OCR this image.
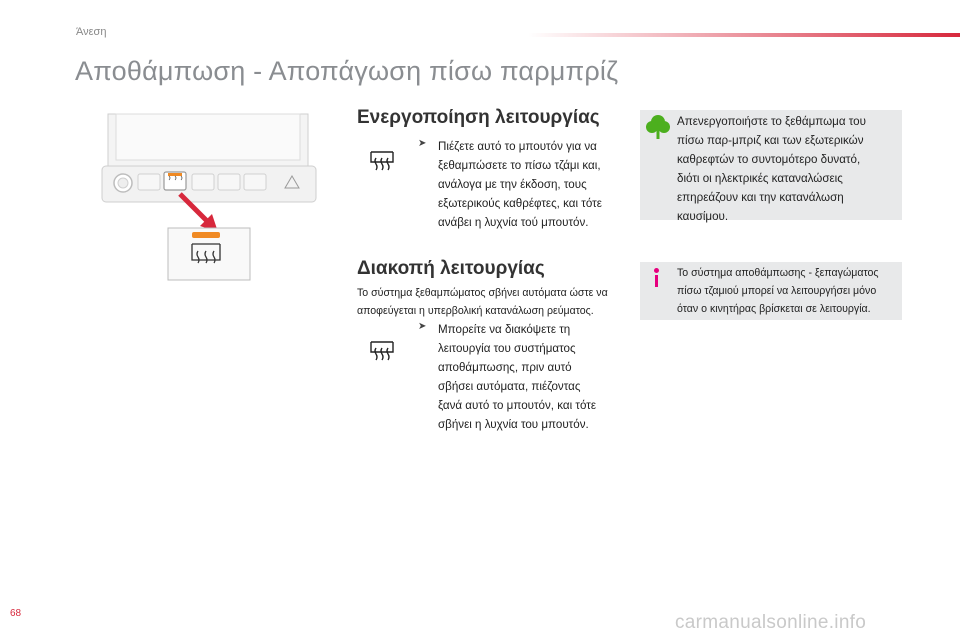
Άνεση
Αποθάμπωση - Αποπάγωση πίσω παρμπρίζ
Ενεργοποίηση λειτουργίας
➤	Πιέζετε αυτό το μπουτόν για να
ξεθαμπώσετε το πίσω τζάμι και,
ανάλογα με την έκδοση, τους
εξωτερικούς καθρέφτες, και τότε
ανάβει η λυχνία τού μπουτόν.
Διακοπή λειτουργίας
Το σύστημα ξεθαμπώματος σβήνει αυτόματα ώστε να
αποφεύγεται η υπερβολική κατανάλωση ρεύματος.
➤	Μπορείτε να διακόψετε τη
λειτουργία του συστήματος
αποθάμπωσης, πριν αυτό
σβήσει αυτόματα, πιέζοντας
ξανά αυτό το μπουτόν, και τότε
σβήνει η λυχνία του μπουτόν.
Απενεργοποιήστε το ξεθάμπωμα του
πίσω παρ-μπριζ και των εξωτερικών
καθρεφτών το συντομότερο δυνατό,
διότι οι ηλεκτρικές καταναλώσεις
επηρεάζουν και την κατανάλωση
καυσίμου.
Το σύστημα αποθάμπωσης - ξεπαγώματος
πίσω τζαμιού μπορεί να λειτουργήσει μόνο
όταν ο κινητήρας βρίσκεται σε λειτουργία.
68	carmanualsonline.info
